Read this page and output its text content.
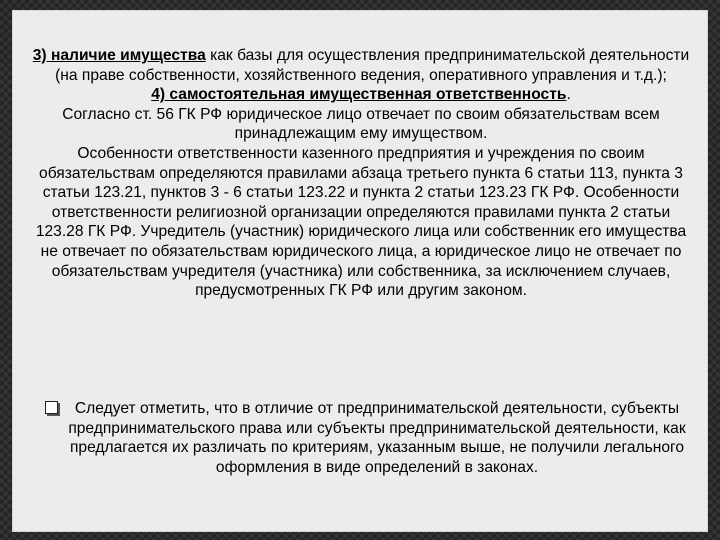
3) наличие имущества как базы для осуществления предпринимательской деятельности (на праве собственности, хозяйственного ведения, оперативного управления и т.д.);

4) самостоятельная имущественная ответственность.

Согласно ст. 56 ГК РФ юридическое лицо отвечает по своим обязательствам всем принадлежащим ему имуществом.

Особенности ответственности казенного предприятия и учреждения по своим обязательствам определяются правилами абзаца третьего пункта 6 статьи 113, пункта 3 статьи 123.21, пунктов 3 - 6 статьи 123.22 и пункта 2 статьи 123.23 ГК РФ. Особенности ответственности религиозной организации определяются правилами пункта 2 статьи 123.28 ГК РФ. Учредитель (участник) юридического лица или собственник его имущества не отвечает по обязательствам юридического лица, а юридическое лицо не отвечает по обязательствам учредителя (участника) или собственника, за исключением случаев, предусмотренных ГК РФ или другим законом.

Следует отметить, что в отличие от предпринимательской деятельности, субъекты предпринимательского права или субъекты предпринимательской деятельности, как предлагается их различать по критериям, указанным выше, не получили легального оформления в виде определений в законах.
